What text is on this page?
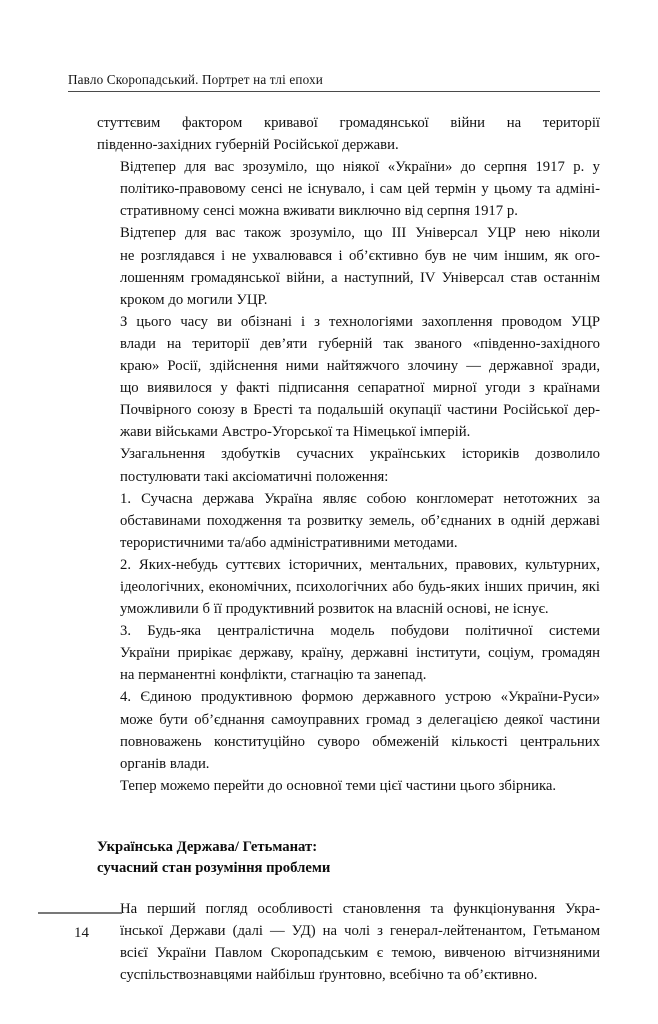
Павло Скоропадський. Портрет на тлі епохи

стуттєвим фактором кривавої громадянської війни на території
південно-західних губерній Російської держави.

Відтепер для вас зрозуміло, що ніякої «України» до серпня 1917 р. у
політико-правовому сенсі не існувало, і сам цей термін у цьому та адміні-
стративному сенсі можна вживати виключно від серпня 1917 р.

Відтепер для вас також зрозуміло, що III Універсал УЦР нею ніколи
не розглядався і не ухвалювався і об’єктивно був не чим іншим, як ого-
лошенням громадянської війни, а наступний, IV Універсал став останнім
кроком до могили УЦР.

З цього часу ви обізнані і з технологіями захоплення проводом УЦР
влади на території дев’яти губерній так званого «південно-західного
краю» Росії, здійснення ними найтяжчого злочину — державної зради,
що виявилося у факті підписання сепаратної мирної угоди з країнами
Почвірного союзу в Бресті та подальшій окупації частини Російської дер-
жави військами Австро-Угорської та Німецької імперій.

Узагальнення здобутків сучасних українських істориків дозволило
постулювати такі аксіоматичні положення:

1. Сучасна держава Україна являє собою конгломерат нетотожних за
обставинами походження та розвитку земель, об’єднаних в одній державі
терористичними та/або адміністративними методами.

2. Яких-небудь суттєвих історичних, ментальних, правових, культурних,
ідеологічних, економічних, психологічних або будь-яких інших причин, які
уможливили б її продуктивний розвиток на власній основі, не існує.

3. Будь-яка централістична модель побудови політичної системи
України прирікає державу, країну, державні інститути, соціум, громадян
на перманентні конфлікти, стагнацію та занепад.

4. Єдиною продуктивною формою державного устрою «України-Руси»
може бути об’єднання самоуправних громад з делегацією деякої частини
повноважень конституційно суворо обмеженій кількості центральних
органів влади.

Тепер можемо перейти до основної теми цієї частини цього збірника.

Українська Держава/ Гетьманат:
сучасний стан розуміння проблеми

На перший погляд особливості становлення та функціонування Укра-
їнської Держави (далі — УД) на чолі з генерал-лейтенантом, Гетьманом
всієї України Павлом Скоропадським є темою, вивченою вітчизняними
суспільствознавцями найбільш ґрунтовно, всебічно та об’єктивно.

14
